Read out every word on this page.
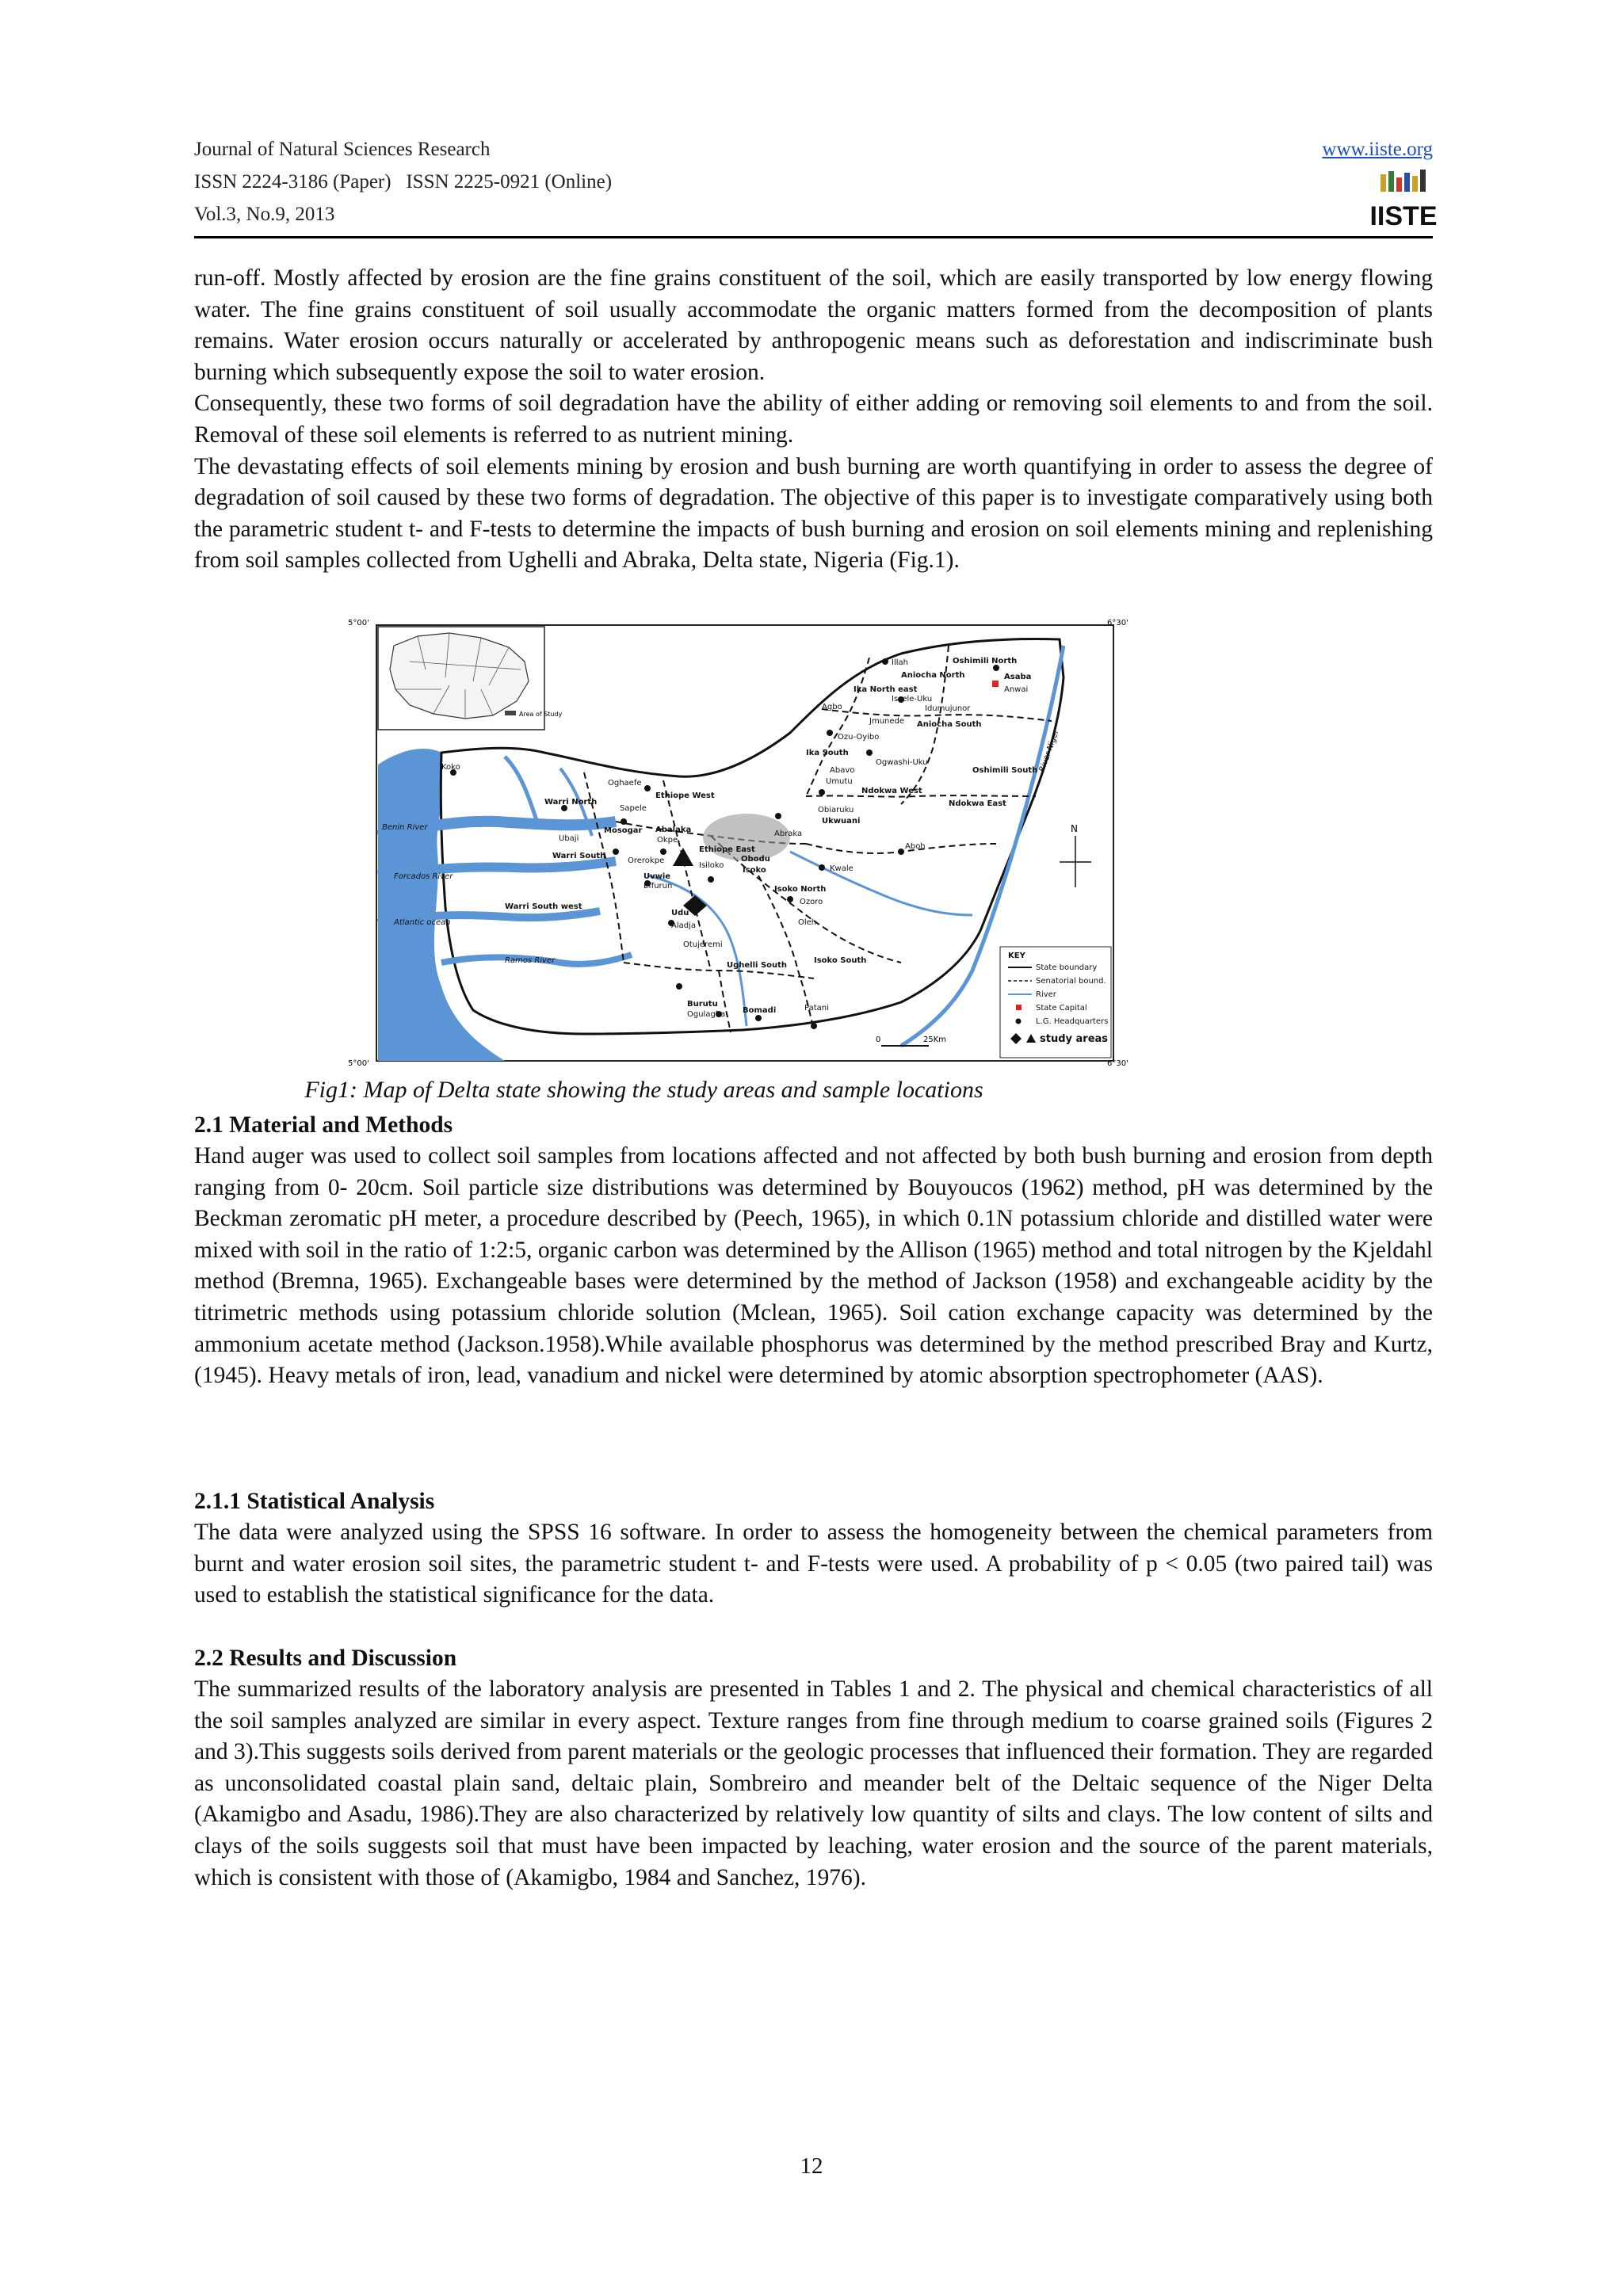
Journal of Natural Sciences Research
ISSN 2224-3186 (Paper)   ISSN 2225-0921 (Online)
Vol.3, No.9, 2013
www.iiste.org
IISTE

run-off. Mostly affected by erosion are the fine grains constituent of the soil, which are easily transported by low energy flowing water. The fine grains constituent of soil usually accommodate the organic matters formed from the decomposition of plants remains. Water erosion occurs naturally or accelerated by anthropogenic means such as deforestation and indiscriminate bush burning which subsequently expose the soil to water erosion.

Consequently, these two forms of soil degradation have the ability of either adding or removing soil elements to and from the soil. Removal of these soil elements is referred to as nutrient mining.

The devastating effects of soil elements mining by erosion and bush burning are worth quantifying in order to assess the degree of degradation of soil caused by these two forms of degradation. The objective of this paper is to investigate comparatively using both the parametric student t- and F-tests to determine the impacts of bush burning and erosion on soil elements mining and replenishing from soil samples collected from Ughelli and Abraka, Delta state, Nigeria (Fig.1).

5°00'	6°30'
5°00'	6°30'
Area of Study
Illah	Oshimili North
Aniocha North
Ika North east
Issele-Uku
Asaba
Anwai
Agbo	Idumujunor
Jmunede Aniocha South
Ozu-Oyibo
Ika South
Ogwashi-Uku
Oshimili South
Abavo
Umutu
Ndokwa West
Ndokwa East
Koko
Oghaefe
Ethiope West
Warri North
Sapele	Obiaruku
Ukwuani
Benin River
Ubaji
Mosogar Abalaka
Okpe
Ethiope East
Abraka
Warri South
Orerokpe	Obodu
Isoko
Forcados River	Uvwie
Effurun
Isiloko	Kwale
Aboh
Warri South west
Isoko North
Ozoro
Atlantic ocean
Udu
Aladja	Oleh
Ramos River
Otujeremi
Isoko South
Ughelli South
Burutu
Ogulagha Bomadi	Patani
River Niger
N
0	25Km
KEY
State boundary
Senatorial bound.
River
State Capital
L.G. Headquarters
study areas
Fig1: Map of Delta state showing the study areas and sample locations
2.1 Material and Methods

Hand auger was used to collect soil samples from locations affected and not affected by both bush burning and erosion from depth ranging from 0- 20cm. Soil particle size distributions was determined by Bouyoucos (1962) method, pH was determined by the Beckman zeromatic pH meter, a procedure described by (Peech, 1965), in which 0.1N potassium chloride and distilled water were mixed with soil in the ratio of 1:2:5, organic carbon was determined by the Allison (1965) method and total nitrogen by the Kjeldahl method (Bremna, 1965). Exchangeable bases were determined by the method of Jackson (1958) and exchangeable acidity by the titrimetric methods using potassium chloride solution (Mclean, 1965). Soil cation exchange capacity was determined by the ammonium acetate method (Jackson.1958).While available phosphorus was determined by the method prescribed Bray and Kurtz, (1945). Heavy metals of iron, lead, vanadium and nickel were determined by atomic absorption spectrophometer (AAS).

2.1.1 Statistical Analysis

The data were analyzed using the SPSS 16 software. In order to assess the homogeneity between the chemical parameters from burnt and water erosion soil sites, the parametric student t- and F-tests were used. A probability of p < 0.05 (two paired tail) was used to establish the statistical significance for the data.

2.2 Results and Discussion

The summarized results of the laboratory analysis are presented in Tables 1 and 2. The physical and chemical characteristics of all the soil samples analyzed are similar in every aspect. Texture ranges from fine through medium to coarse grained soils (Figures 2 and 3).This suggests soils derived from parent materials or the geologic processes that influenced their formation. They are regarded as unconsolidated coastal plain sand, deltaic plain, Sombreiro and meander belt of the Deltaic sequence of the Niger Delta (Akamigbo and Asadu, 1986).They are also characterized by relatively low quantity of silts and clays. The low content of silts and clays of the soils suggests soil that must have been impacted by leaching, water erosion and the source of the parent materials, which is consistent with those of (Akamigbo, 1984 and Sanchez, 1976).

12
